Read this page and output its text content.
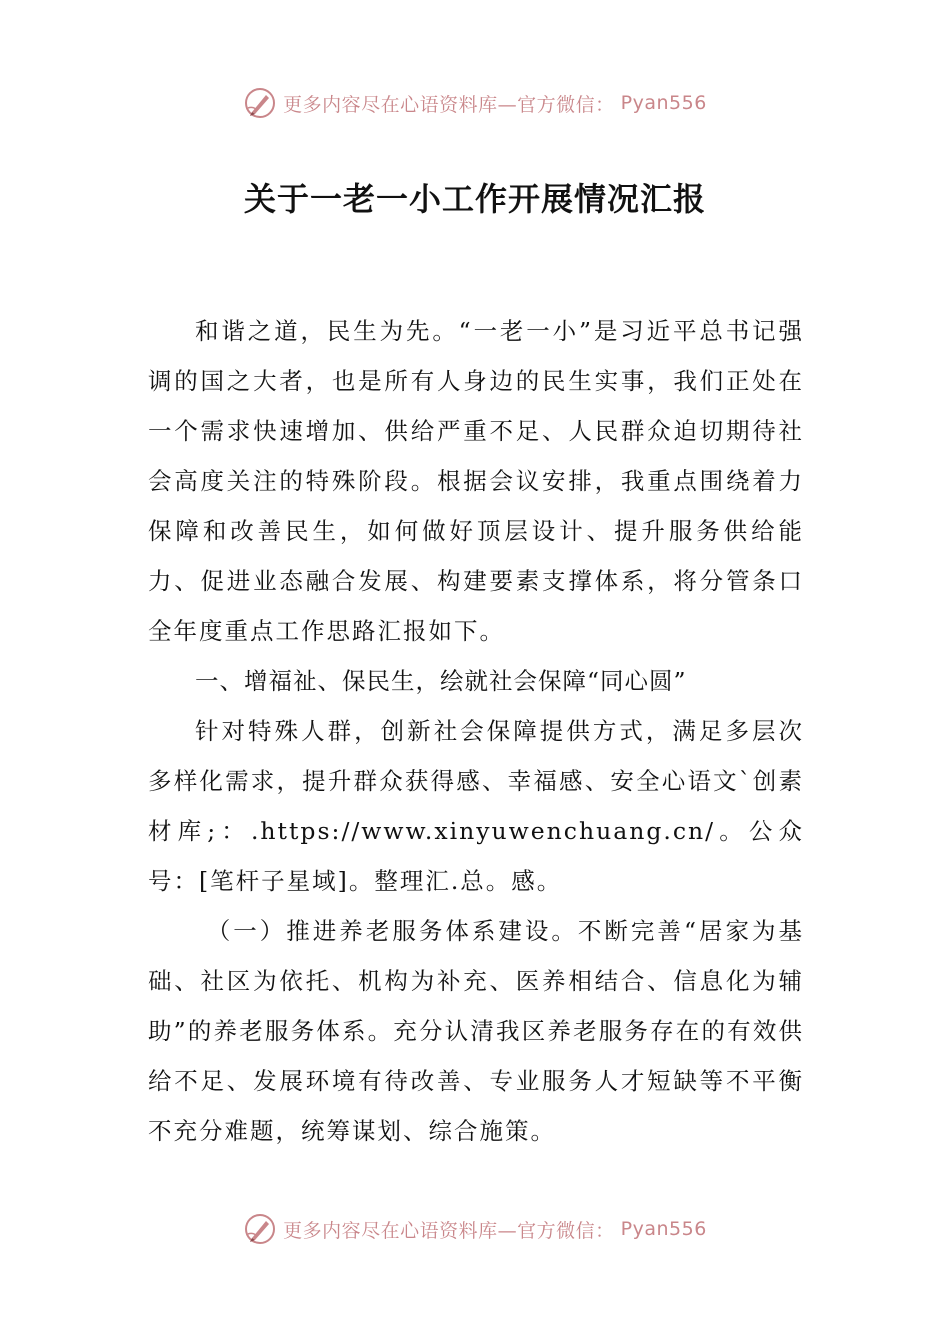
更多内容尽在心语资料库—官方微信： Pyan556
关于一老一小工作开展情况汇报

和谐之道，民生为先。“一老一小”是习近平总书记强调的国之大者，也是所有人身边的民生实事，我们正处在一个需求快速增加、供给严重不足、人民群众迫切期待社会高度关注的特殊阶段。根据会议安排，我重点围绕着力保障和改善民生，如何做好顶层设计、提升服务供给能力、促进业态融合发展、构建要素支撑体系，将分管条口全年度重点工作思路汇报如下。

一、增福祉、保民生，绘就社会保障“同心圆”

针对特殊人群，创新社会保障提供方式，满足多层次多样化需求，提升群众获得感、幸福感、安全心语文`创素材库;：.https://www.xinyuwenchuang.cn/。公众号：[笔杆子星域]。整理汇.总。感。

（一）推进养老服务体系建设。不断完善“居家为基础、社区为依托、机构为补充、医养相结合、信息化为辅助”的养老服务体系。充分认清我区养老服务存在的有效供给不足、发展环境有待改善、专业服务人才短缺等不平衡不充分难题，统筹谋划、综合施策。

更多内容尽在心语资料库—官方微信： Pyan556
